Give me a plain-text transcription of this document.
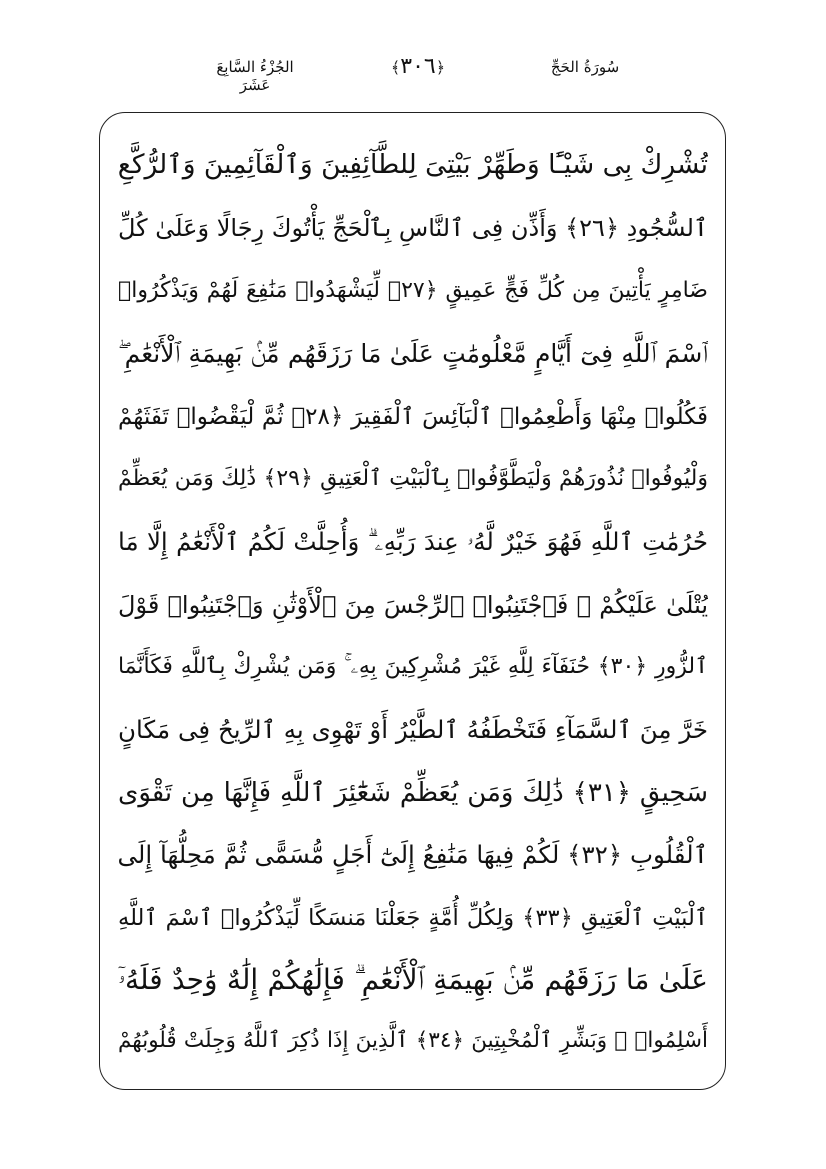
الجُزْءُ السَّابِعَ عَشَرَ
﴿٣٠٦﴾	سُورَةُ الحَجِّ
تُشْرِكْ بِى شَيْـًٔا وَطَهِّرْ بَيْتِىَ لِلطَّآئِفِينَ وَٱلْقَآئِمِينَ وَٱلرُّكَّعِ
ٱلسُّجُودِ ﴿٢٦﴾ وَأَذِّن فِى ٱلنَّاسِ بِٱلْحَجِّ يَأْتُوكَ رِجَالًا وَعَلَىٰ كُلِّ
ضَامِرٍ يَأْتِينَ مِن كُلِّ فَجٍّ عَمِيقٍ ﴿٢٧﴾ لِّيَشْهَدُوا۟ مَنَٰفِعَ لَهُمْ وَيَذْكُرُوا۟
ٱسْمَ ٱللَّهِ فِىٓ أَيَّامٍ مَّعْلُومَٰتٍ عَلَىٰ مَا رَزَقَهُم مِّنۢ بَهِيمَةِ ٱلْأَنْعَٰمِ ۖ
فَكُلُوا۟ مِنْهَا وَأَطْعِمُوا۟ ٱلْبَآئِسَ ٱلْفَقِيرَ ﴿٢٨﴾ ثُمَّ لْيَقْضُوا۟ تَفَثَهُمْ
وَلْيُوفُوا۟ نُذُورَهُمْ وَلْيَطَّوَّفُوا۟ بِٱلْبَيْتِ ٱلْعَتِيقِ ﴿٢٩﴾ ذَٰلِكَ وَمَن يُعَظِّمْ
حُرُمَٰتِ ٱللَّهِ فَهُوَ خَيْرٌ لَّهُۥ عِندَ رَبِّهِۦ ۗ وَأُحِلَّتْ لَكُمُ ٱلْأَنْعَٰمُ إِلَّا مَا
يُتْلَىٰ عَلَيْكُمْ ۖ فَٱجْتَنِبُوا۟ ٱلرِّجْسَ مِنَ ٱلْأَوْثَٰنِ وَٱجْتَنِبُوا۟ قَوْلَ
ٱلزُّورِ ﴿٣٠﴾ حُنَفَآءَ لِلَّهِ غَيْرَ مُشْرِكِينَ بِهِۦ ۚ وَمَن يُشْرِكْ بِٱللَّهِ فَكَأَنَّمَا
خَرَّ مِنَ ٱلسَّمَآءِ فَتَخْطَفُهُ ٱلطَّيْرُ أَوْ تَهْوِى بِهِ ٱلرِّيحُ فِى مَكَانٍ
سَحِيقٍ ﴿٣١﴾ ذَٰلِكَ وَمَن يُعَظِّمْ شَعَٰٓئِرَ ٱللَّهِ فَإِنَّهَا مِن تَقْوَى
ٱلْقُلُوبِ ﴿٣٢﴾ لَكُمْ فِيهَا مَنَٰفِعُ إِلَىٰٓ أَجَلٍ مُّسَمًّى ثُمَّ مَحِلُّهَآ إِلَى
ٱلْبَيْتِ ٱلْعَتِيقِ ﴿٣٣﴾ وَلِكُلِّ أُمَّةٍ جَعَلْنَا مَنسَكًا لِّيَذْكُرُوا۟ ٱسْمَ ٱللَّهِ
عَلَىٰ مَا رَزَقَهُم مِّنۢ بَهِيمَةِ ٱلْأَنْعَٰمِ ۗ فَإِلَٰهُكُمْ إِلَٰهٌ وَٰحِدٌ فَلَهُۥٓ
أَسْلِمُوا۟ ۗ وَبَشِّرِ ٱلْمُخْبِتِينَ ﴿٣٤﴾ ٱلَّذِينَ إِذَا ذُكِرَ ٱللَّهُ وَجِلَتْ قُلُوبُهُمْ
